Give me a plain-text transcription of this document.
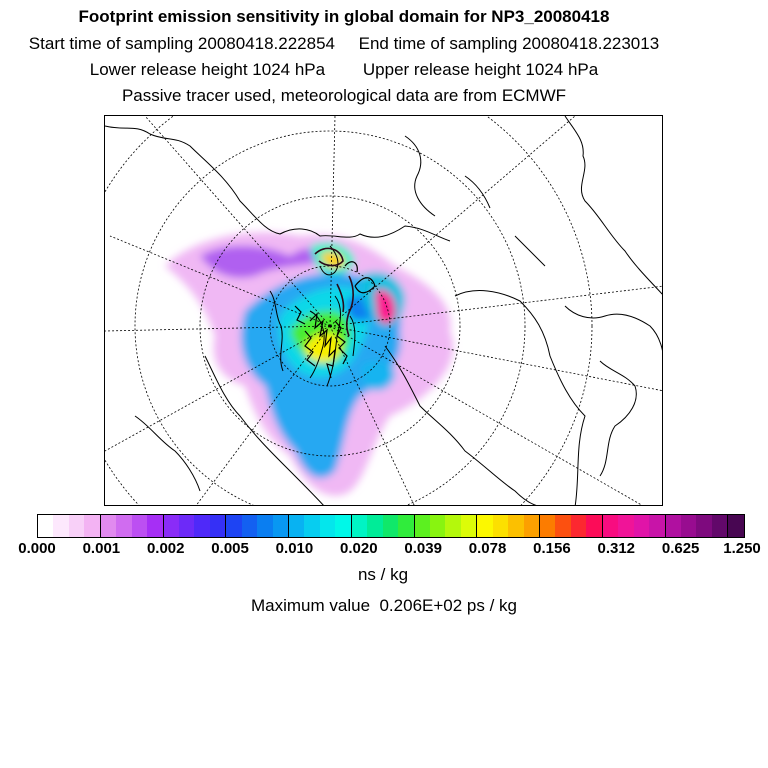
Footprint emission sensitivity in global domain for NP3_20080418
Start time of sampling 20080418.222854     End time of sampling 20080418.223013
Lower release height 1024 hPa        Upper release height 1024 hPa
Passive tracer used, meteorological data are from ECMWF
0.000 0.001 0.002 0.005 0.010 0.020 0.039 0.078 0.156 0.312 0.625 1.250
ns / kg
Maximum value  0.206E+02 ps / kg
